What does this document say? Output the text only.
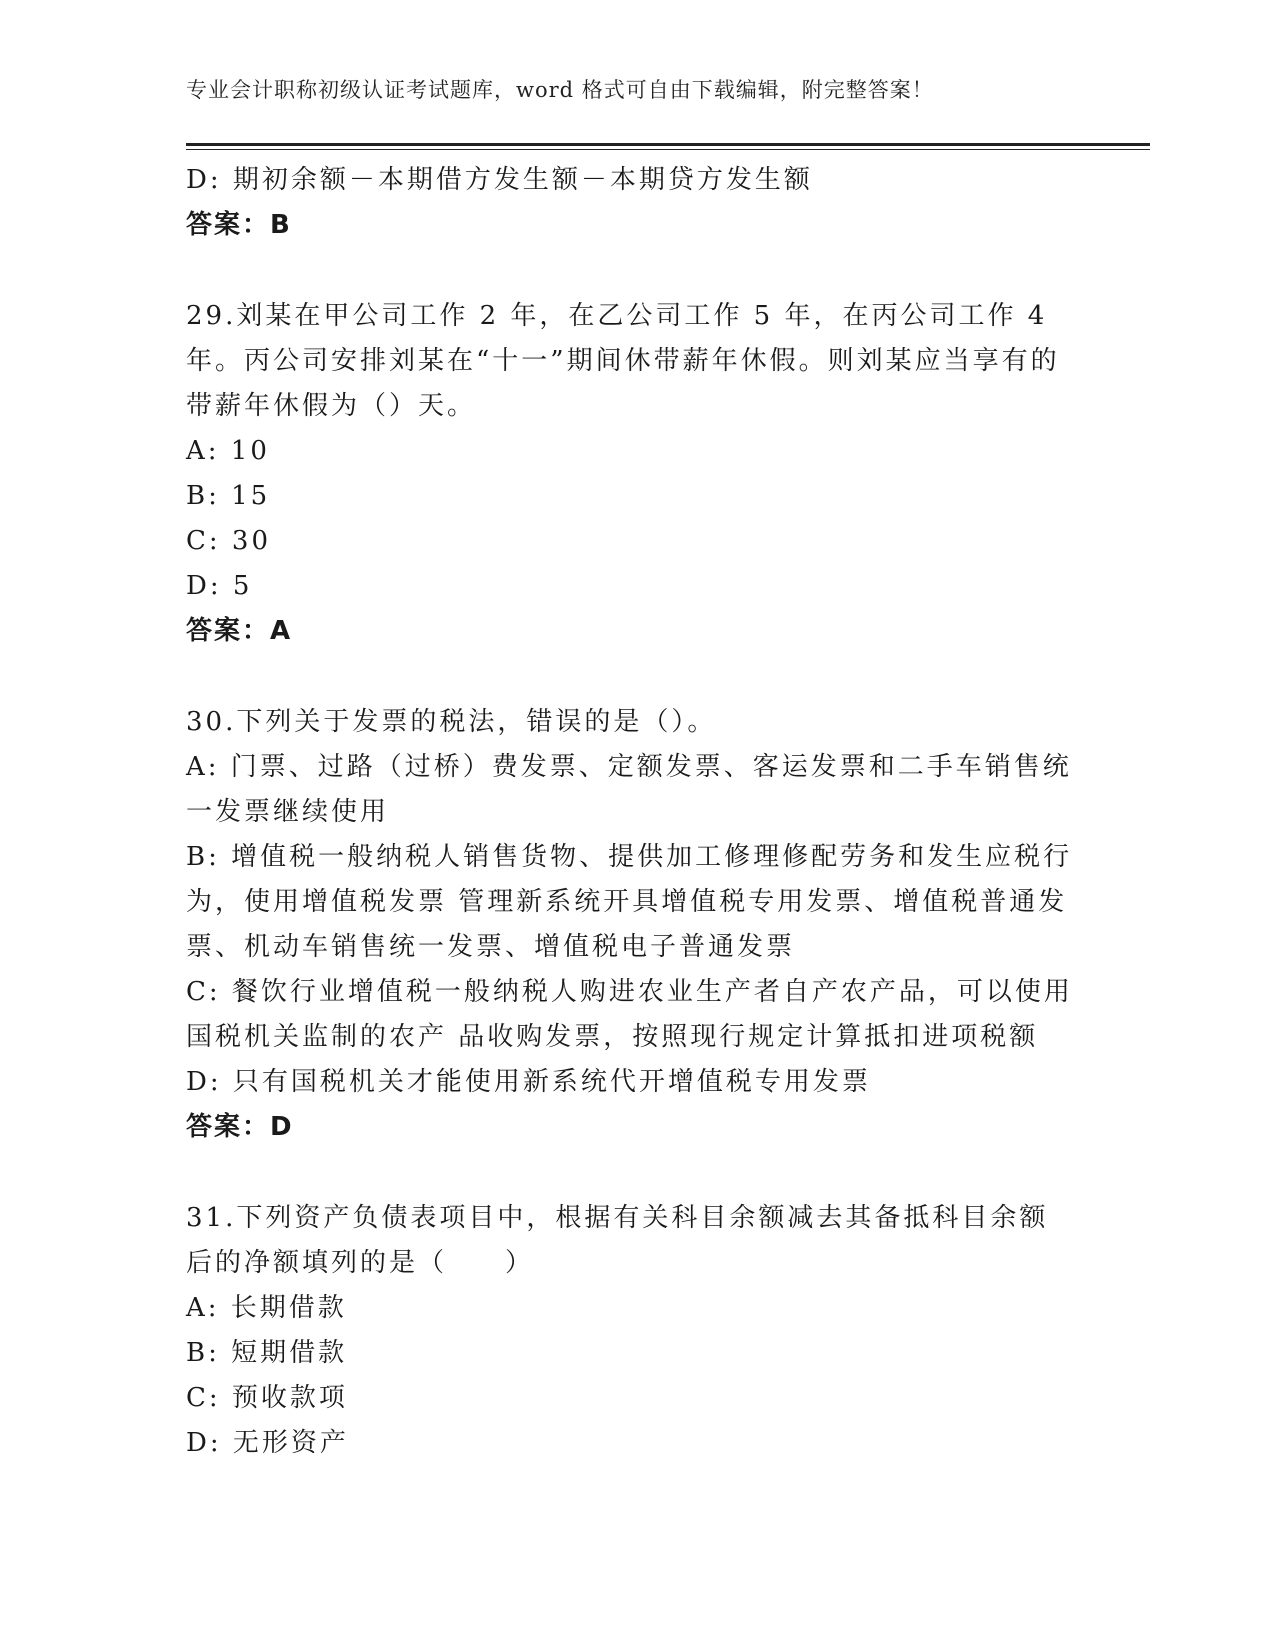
专业会计职称初级认证考试题库，word 格式可自由下载编辑，附完整答案！

D: 期初余额－本期借方发生额－本期贷方发生额

答案：B

29.刘某在甲公司工作 2 年，在乙公司工作 5 年，在丙公司工作 4 年。丙公司安排刘某在“十一”期间休带薪年休假。则刘某应当享有的带薪年休假为（）天。

A: 10

B: 15

C: 30

D: 5

答案：A

30.下列关于发票的税法，错误的是（）。

A: 门票、过路（过桥）费发票、定额发票、客运发票和二手车销售统一发票继续使用

B: 增值税一般纳税人销售货物、提供加工修理修配劳务和发生应税行为，使用增值税发票 管理新系统开具增值税专用发票、增值税普通发票、机动车销售统一发票、增值税电子普通发票

C: 餐饮行业增值税一般纳税人购进农业生产者自产农产品，可以使用国税机关监制的农产 品收购发票，按照现行规定计算抵扣进项税额

D: 只有国税机关才能使用新系统代开增值税专用发票

答案：D

31.下列资产负债表项目中，根据有关科目余额减去其备抵科目余额后的净额填列的是（　　）

A: 长期借款

B: 短期借款

C: 预收款项

D: 无形资产
